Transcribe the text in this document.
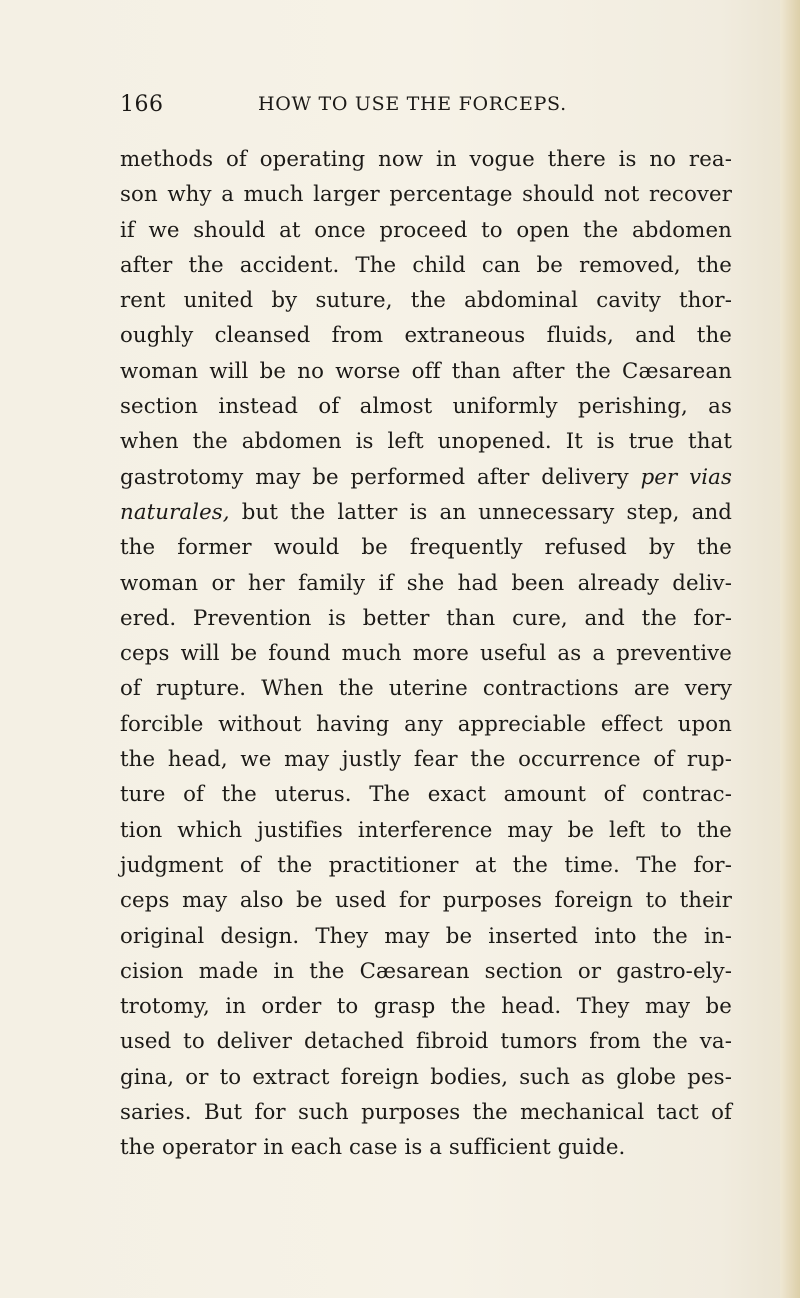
166	HOW TO USE THE FORCEPS.
methods of operating now in vogue there is no rea-
son why a much larger percentage should not recover
if we should at once proceed to open the abdomen
after the accident. The child can be removed, the
rent united by suture, the abdominal cavity thor-
oughly cleansed from extraneous fluids, and the
woman will be no worse off than after the Cæsarean
section instead of almost uniformly perishing, as
when the abdomen is left unopened. It is true that
gastrotomy may be performed after delivery per vias
naturales, but the latter is an unnecessary step, and
the former would be frequently refused by the
woman or her family if she had been already deliv-
ered. Prevention is better than cure, and the for-
ceps will be found much more useful as a preventive
of rupture. When the uterine contractions are very
forcible without having any appreciable effect upon
the head, we may justly fear the occurrence of rup-
ture of the uterus. The exact amount of contrac-
tion which justifies interference may be left to the
judgment of the practitioner at the time. The for-
ceps may also be used for purposes foreign to their
original design. They may be inserted into the in-
cision made in the Cæsarean section or gastro-ely-
trotomy, in order to grasp the head. They may be
used to deliver detached fibroid tumors from the va-
gina, or to extract foreign bodies, such as globe pes-
saries. But for such purposes the mechanical tact of
the operator in each case is a sufficient guide.
